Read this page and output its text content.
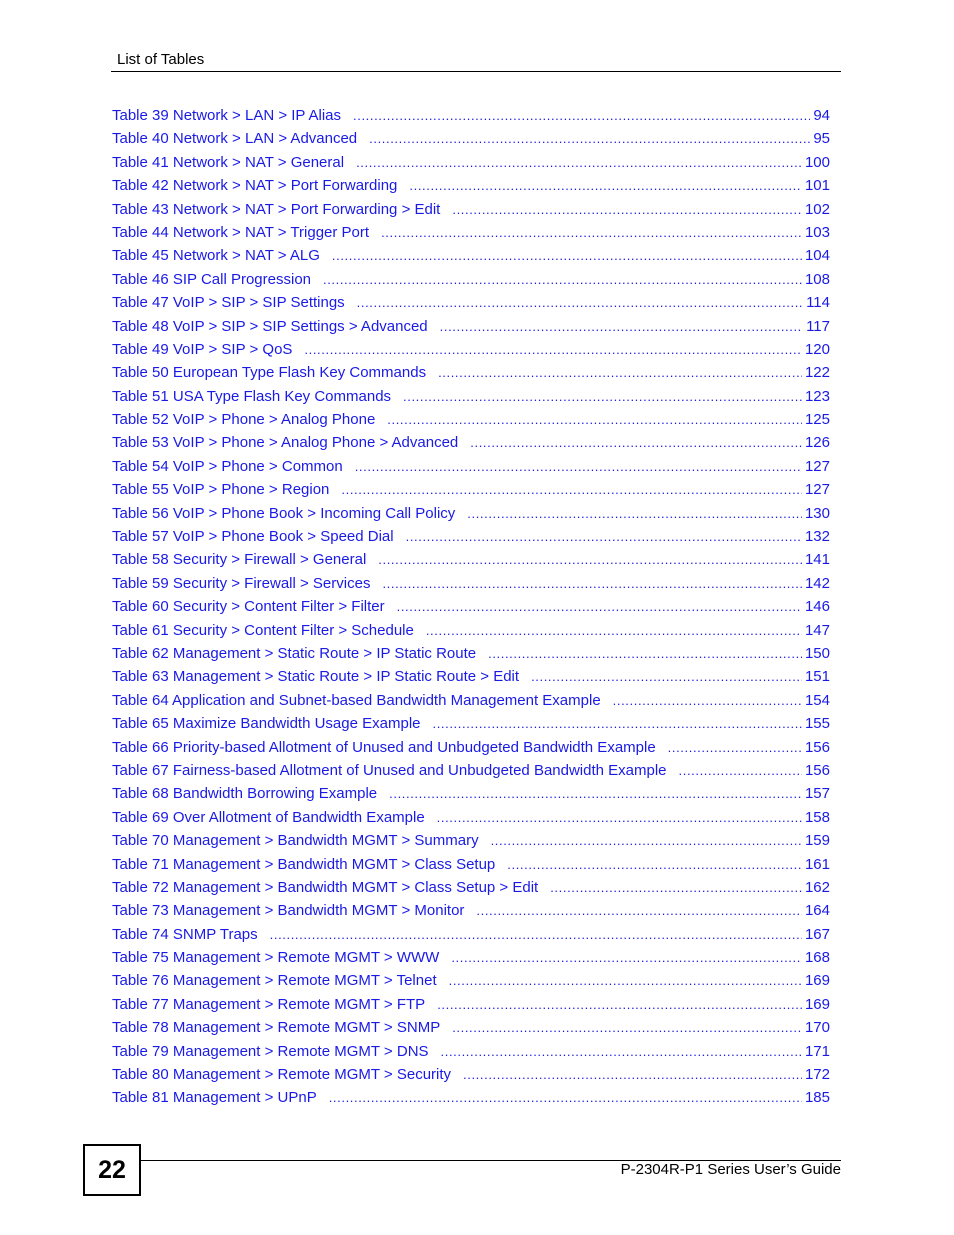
List of Tables
Table 39 Network > LAN > IP Alias .....	94
Table 40 Network > LAN > Advanced .....	95
Table 41 Network > NAT > General .....	100
Table 42 Network > NAT > Port Forwarding .....	101
Table 43 Network > NAT > Port Forwarding > Edit .....	102
Table 44 Network > NAT > Trigger Port .....	103
Table 45 Network > NAT > ALG .....	104
Table 46 SIP Call Progression .....	108
Table 47 VoIP > SIP > SIP Settings .....	114
Table 48 VoIP > SIP > SIP Settings > Advanced .....	117
Table 49 VoIP > SIP > QoS .....	120
Table 50 European Type Flash Key Commands .....	122
Table 51 USA Type Flash Key Commands .....	123
Table 52 VoIP > Phone > Analog Phone .....	125
Table 53 VoIP > Phone > Analog Phone > Advanced .....	126
Table 54 VoIP > Phone > Common .....	127
Table 55 VoIP > Phone > Region .....	127
Table 56 VoIP > Phone Book > Incoming Call Policy .....	130
Table 57 VoIP > Phone Book > Speed Dial .....	132
Table 58 Security > Firewall > General .....	141
Table 59 Security > Firewall > Services .....	142
Table 60 Security > Content Filter > Filter .....	146
Table 61 Security > Content Filter > Schedule .....	147
Table 62 Management > Static Route > IP Static Route .....	150
Table 63 Management > Static Route > IP Static Route > Edit .....	151
Table 64 Application and Subnet-based Bandwidth Management Example .....	154
Table 65 Maximize Bandwidth Usage Example .....	155
Table 66 Priority-based Allotment of Unused and Unbudgeted Bandwidth Example .....	156
Table 67 Fairness-based Allotment of Unused and Unbudgeted Bandwidth Example .....	156
Table 68 Bandwidth Borrowing Example .....	157
Table 69 Over Allotment of Bandwidth Example .....	158
Table 70 Management > Bandwidth MGMT > Summary .....	159
Table 71 Management > Bandwidth MGMT > Class Setup .....	161
Table 72 Management > Bandwidth MGMT > Class Setup > Edit .....	162
Table 73 Management > Bandwidth MGMT > Monitor .....	164
Table 74 SNMP Traps .....	167
Table 75 Management > Remote MGMT > WWW .....	168
Table 76 Management > Remote MGMT > Telnet .....	169
Table 77 Management > Remote MGMT > FTP .....	169
Table 78 Management > Remote MGMT > SNMP .....	170
Table 79 Management > Remote MGMT > DNS .....	171
Table 80 Management > Remote MGMT > Security .....	172
Table 81 Management > UPnP .....	185
22	P-2304R-P1 Series User’s Guide
